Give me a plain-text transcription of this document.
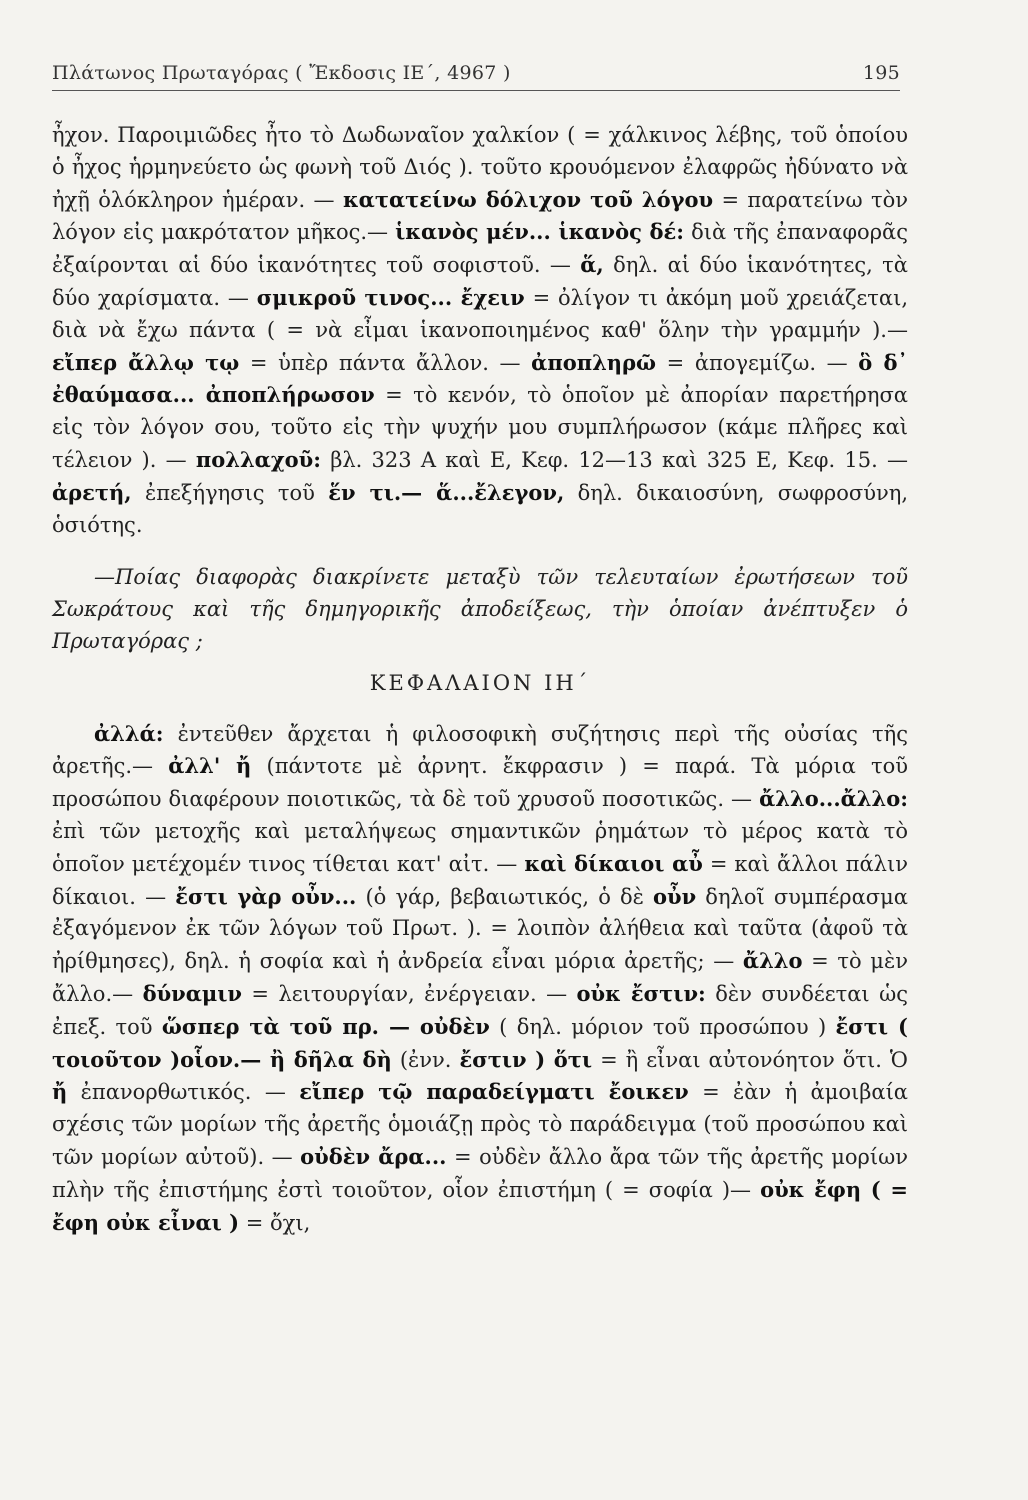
Πλάτωνος Πρωταγόρας ( Ἔκδοσις ΙΕ΄, 4967 )	195

ἦχον. Παροιμιῶδες ἦτο τὸ Δωδωναῖον χαλκίον ( = χάλκινος λέβης, τοῦ ὁποίου ὁ ἦχος ἡρμηνεύετο ὡς φωνὴ τοῦ Διός ). τοῦτο κρουόμενον ἐλαφρῶς ἠδύνατο νὰ ἠχῇ ὁλόκληρον ἡμέραν. — κατατείνω δόλιχον τοῦ λόγου = παρατείνω τὸν λόγον εἰς μακρότατον μῆκος.— ἱκανὸς μέν... ἱκανὸς δέ: διὰ τῆς ἐπαναφορᾶς ἐξαίρονται αἱ δύο ἱκανότητες τοῦ σοφιστοῦ. — ἅ, δηλ. αἱ δύο ἱκανότητες, τὰ δύο χαρίσματα. — σμικροῦ τινος... ἔχειν = ὀλίγον τι ἀκόμη μοῦ χρειάζεται, διὰ νὰ ἔχω πάντα ( = νὰ εἶμαι ἱκανοποιημένος καθ' ὅλην τὴν γραμμήν ).— εἴπερ ἄλλῳ τῳ = ὑπὲρ πάντα ἄλλον. — ἀποπληρῶ = ἀπογεμίζω. — ὃ δ᾽ ἐθαύμασα... ἀποπλήρωσον = τὸ κενόν, τὸ ὁποῖον μὲ ἀπορίαν παρετήρησα εἰς τὸν λόγον σου, τοῦτο εἰς τὴν ψυχήν μου συμπλήρωσον (κάμε πλῆρες καὶ τέλειον ). — πολλαχοῦ: βλ. 323 Α καὶ Ε, Κεφ. 12—13 καὶ 325 Ε, Κεφ. 15. — ἀρετή, ἐπεξήγησις τοῦ ἕν τι.— ἅ...ἔλεγον, δηλ. δικαιοσύνη, σωφροσύνη, ὁσιότης.

—Ποίας διαφορὰς διακρίνετε μεταξὺ τῶν τελευταίων ἐρωτήσεων τοῦ Σωκράτους καὶ τῆς δημηγορικῆς ἀποδείξεως, τὴν ὁποίαν ἀνέπτυξεν ὁ Πρωταγόρας ;

ΚΕΦΑΛΑΙΟΝ ΙΗ΄

ἀλλά: ἐντεῦθεν ἄρχεται ἡ φιλοσοφικὴ συζήτησις περὶ τῆς οὐσίας τῆς ἀρετῆς.— ἀλλ' ἤ (πάντοτε μὲ ἀρνητ. ἔκφρασιν ) = παρά. Τὰ μόρια τοῦ προσώπου διαφέρουν ποιοτικῶς, τὰ δὲ τοῦ χρυσοῦ ποσοτικῶς. — ἄλλο...ἄλλο: ἐπὶ τῶν μετοχῆς καὶ μεταλήψεως σημαντικῶν ῥημάτων τὸ μέρος κατὰ τὸ ὁποῖον μετέχομέν τινος τίθεται κατ' αἰτ. — καὶ δίκαιοι αὖ = καὶ ἄλλοι πάλιν δίκαιοι. — ἔστι γὰρ οὖν... (ὁ γάρ, βεβαιωτικός, ὁ δὲ οὖν δηλοῖ συμπέρασμα ἐξαγόμενον ἐκ τῶν λόγων τοῦ Πρωτ. ). = λοιπὸν ἀλήθεια καὶ ταῦτα (ἀφοῦ τὰ ἠρίθμησες), δηλ. ἡ σοφία καὶ ἡ ἀνδρεία εἶναι μόρια ἀρετῆς; — ἄλλο = τὸ μὲν ἄλλο.— δύναμιν = λειτουργίαν, ἐνέργειαν. — οὐκ ἔστιν: δὲν συνδέεται ὡς ἐπεξ. τοῦ ὥσπερ τὰ τοῦ πρ. — οὐδὲν ( δηλ. μόριον τοῦ προσώπου ) ἔστι ( τοιοῦτον )οἷον.— ἢ δῆλα δὴ (ἐνν. ἔστιν ) ὅτι = ἢ εἶναι αὐτονόητον ὅτι. Ὁ ἤ ἐπανορθωτικός. — εἴπερ τῷ παραδείγματι ἔοικεν = ἐὰν ἡ ἀμοιβαία σχέσις τῶν μορίων τῆς ἀρετῆς ὁμοιάζῃ πρὸς τὸ παράδειγμα (τοῦ προσώπου καὶ τῶν μορίων αὐτοῦ). — οὐδὲν ἄρα... = οὐδὲν ἄλλο ἄρα τῶν τῆς ἀρετῆς μορίων πλὴν τῆς ἐπιστήμης ἐστὶ τοιοῦτον, οἷον ἐπιστήμη ( = σοφία )— οὐκ ἔφη ( = ἔφη οὐκ εἶναι ) = ὄχι,
